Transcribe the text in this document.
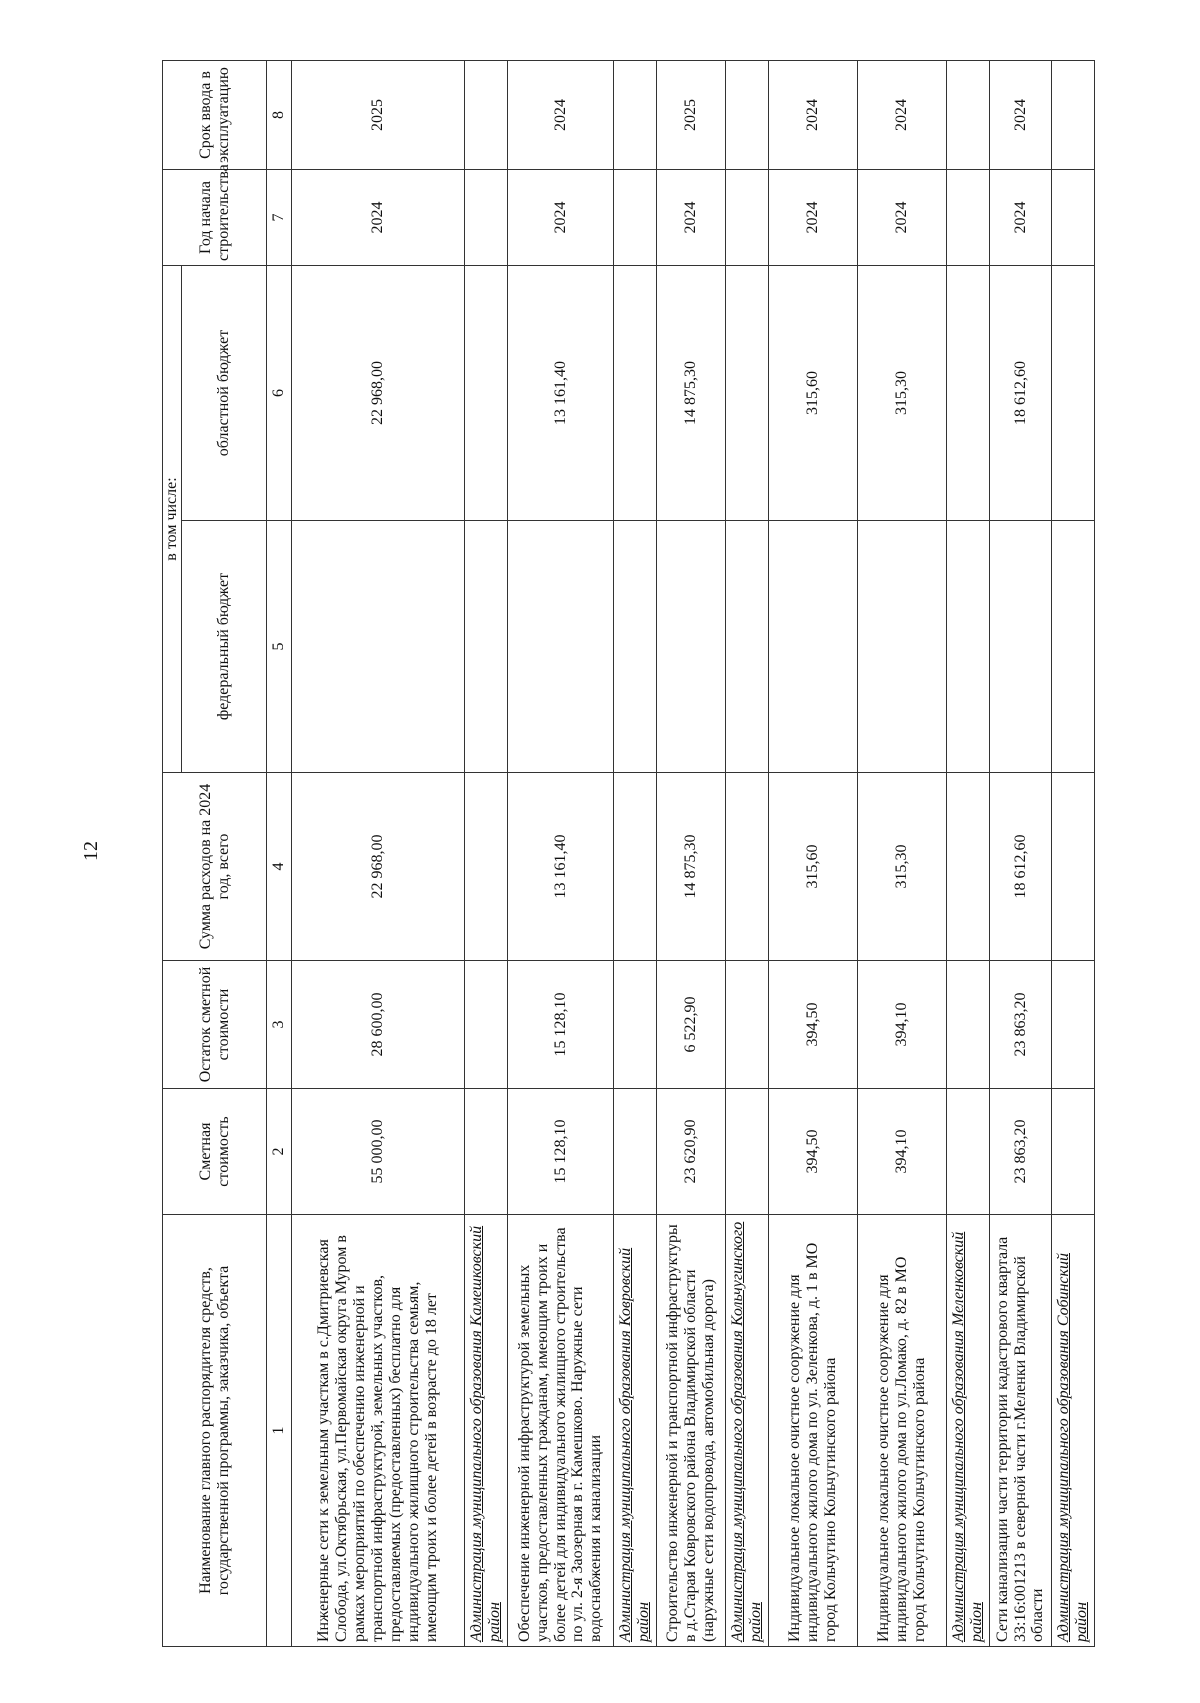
12
Наименование главного распорядителя средств, государственной программы, заказчика, объекта	Сметная стоимость	Остаток сметной стоимости	Сумма расходов на 2024 год, всего	в том числе:		Год начала строительства	Срок ввода в эксплуатацию
				федеральный бюджет	областной бюджет		
1	2	3	4	5	6	7	8
Инженерные сети к земельным участкам в с.Дмитриевская Слобода, ул.Октябрьская, ул.Первомайская округа Муром в рамках мероприятий по обеспечению инженерной и транспортной инфраструктурой, земельных участков, предоставляемых (предоставленных) бесплатно для индивидуального жилищного строительства семьям, имеющим троих и более детей в возрасте до 18 лет	55 000,00	28 600,00	22 968,00		22 968,00	2024	2025
Администрация муниципального образования Камешковский район							
Обеспечение инженерной инфраструктурой земельных участков, предоставленных гражданам, имеющим троих и более детей для индивидуального жилищного строительства по ул. 2-я Заозерная в г. Камешково. Наружные сети водоснабжения и канализации	15 128,10	15 128,10	13 161,40		13 161,40	2024	2024
Администрация муниципального образования Ковровский район							
Строительство инженерной и транспортной инфраструктуры в д.Старая Ковровского района Владимирской области (наружные сети водопровода, автомобильная дорога)	23 620,90	6 522,90	14 875,30		14 875,30	2024	2025
Администрация муниципального образования Кольчугинского район							
Индивидуальное локальное очистное сооружение для индивидуального жилого дома по ул. Зеленкова, д. 1 в МО город Кольчугино Кольчугинского района	394,50	394,50	315,60		315,60	2024	2024
Индивидуальное локальное очистное сооружение для индивидуального жилого дома по ул.Ломако, д. 82 в МО город Кольчугино Кольчугинского района	394,10	394,10	315,30		315,30	2024	2024
Администрация муниципального образования Меленковский район							
Сети канализации части территории кадастрового квартала 33:16:001213 в северной части г.Меленки Владимирской области	23 863,20	23 863,20	18 612,60		18 612,60	2024	2024
Администрация муниципального образования Собинский район							
